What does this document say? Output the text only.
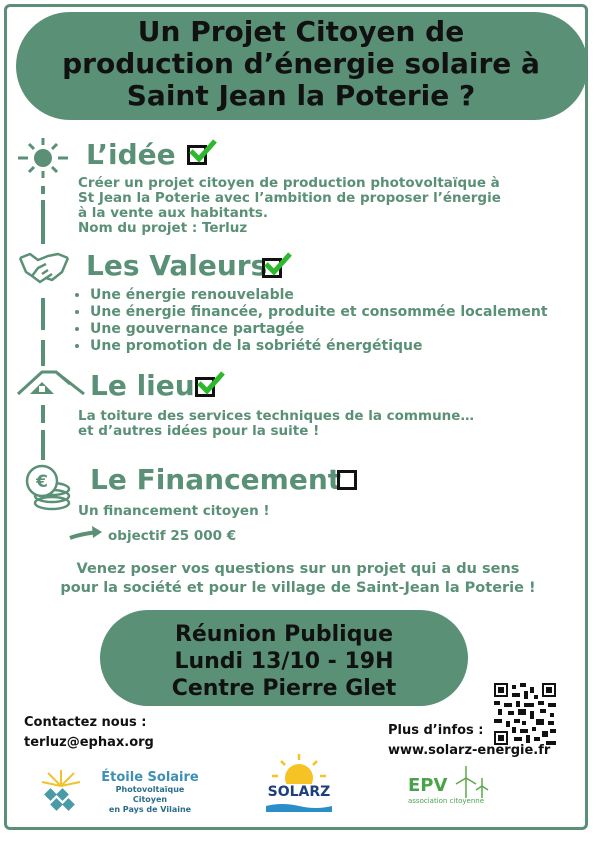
Un Projet Citoyen de
production d’énergie solaire à
Saint Jean la Poterie ?
L’idée
Créer un projet citoyen de production photovoltaïque à
St Jean la Poterie avec l’ambition de proposer l’énergie
à la vente aux habitants.
Nom du projet : Terluz
Les Valeurs
• Une énergie renouvelable
• Une énergie financée, produite et consommée localement
• Une gouvernance partagée
• Une promotion de la sobriété énergétique
Le lieu
La toiture des services techniques de la commune…
et d’autres idées pour la suite !
€ Le Financement
Un financement citoyen !
objectif 25 000 €
Venez poser vos questions sur un projet qui a du sens
pour la société et pour le village de Saint-Jean la Poterie !
Réunion Publique
Lundi 13/10 - 19H
Centre Pierre Glet
Contactez nous :
terluz@ephax.org
Plus d’infos :
www.solarz-energie.fr
Étoile Solaire
Photovoltaïque Citoyen
en Pays de Vilaine
SOLARZ	EPV
association citoyenne
